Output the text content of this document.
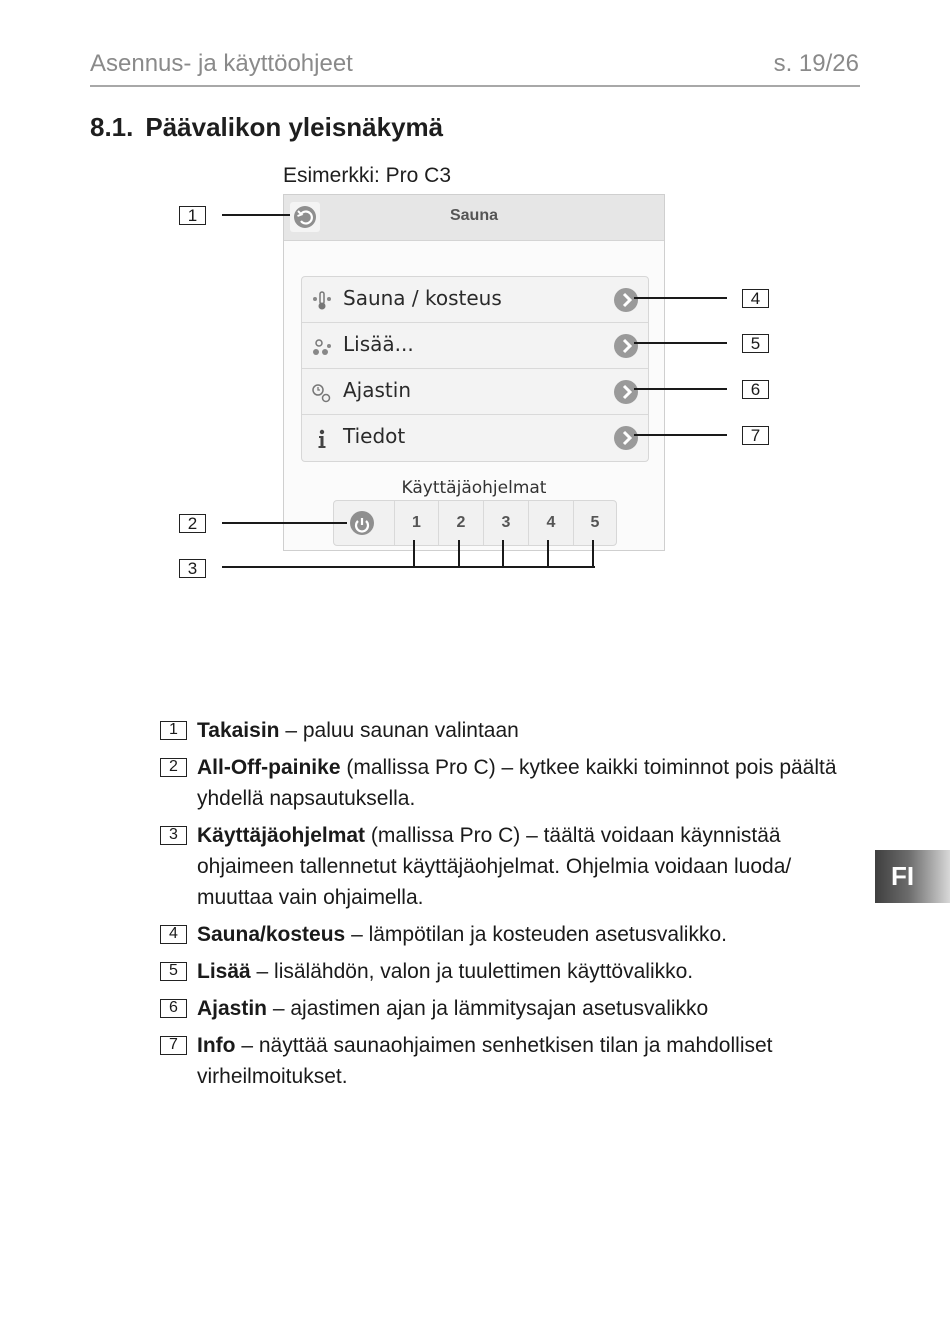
Asennus- ja käyttöohjeet	s. 19/26
8.1. Päävalikon yleisnäkymä
Esimerkki: Pro C3
Sauna
Sauna / kosteus
Lisää...
Ajastin
Tiedot
Käyttäjäohjelmat
1	2	3	4	5
1
2
3
4
5
6
7
1 Takaisin – paluu saunan valintaan
2 All-Off-painike (mallissa Pro C) – kytkee kaikki toiminnot pois päältä yhdellä napsautuksella.
3 Käyttäjäohjelmat (mallissa Pro C) – täältä voidaan käynnistää ohjaimeen tallennetut käyttäjäohjelmat. Ohjelmia voidaan luoda/ muuttaa vain ohjaimella.
4 Sauna/kosteus – lämpötilan ja kosteuden asetusvalikko.
5 Lisää – lisälähdön, valon ja tuulettimen käyttövalikko.
6 Ajastin – ajastimen ajan ja lämmitysajan asetusvalikko
7 Info – näyttää saunaohjaimen senhetkisen tilan ja mahdolliset virheilmoitukset.
FI
